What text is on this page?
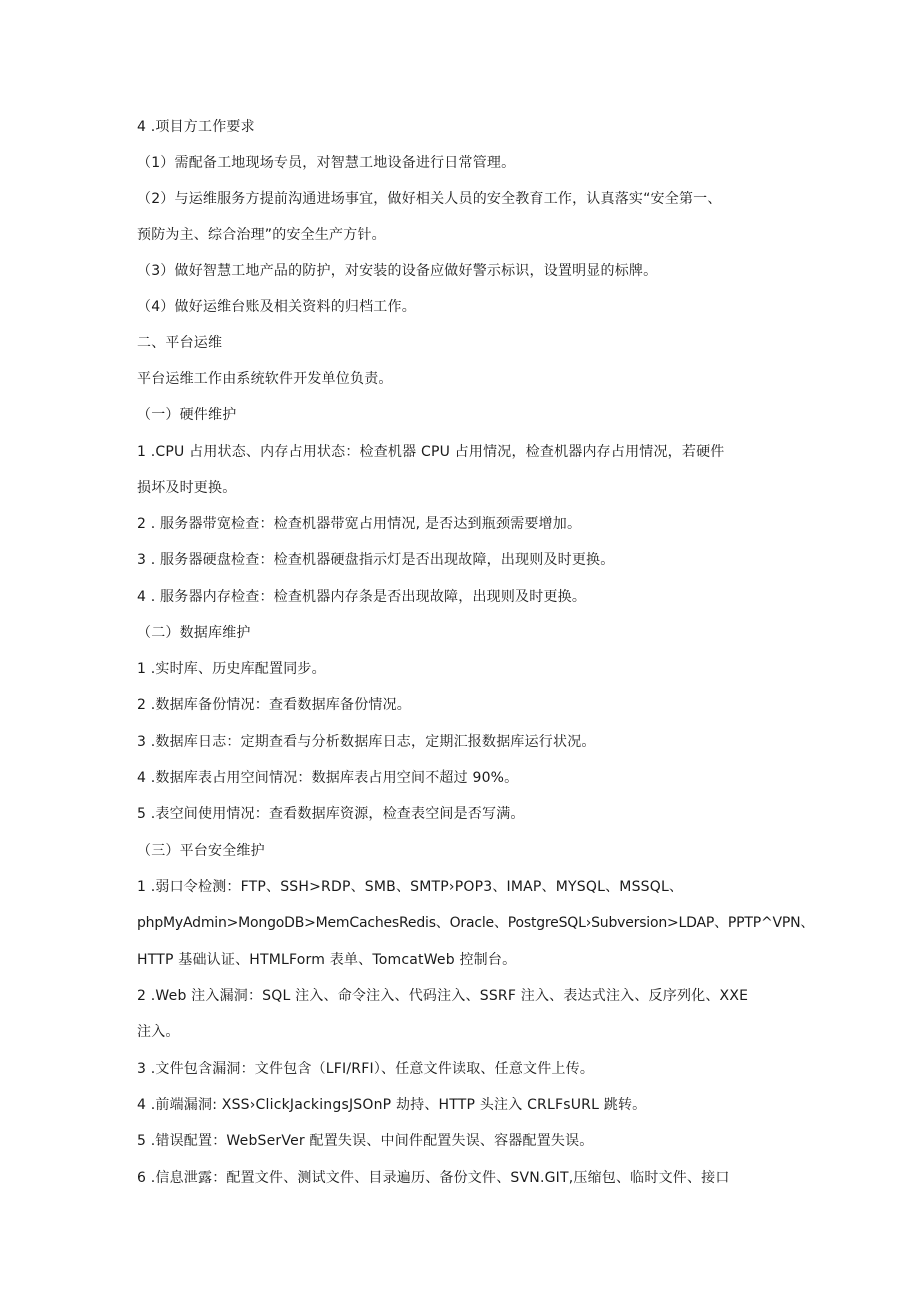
4 .项目方工作要求
（1）需配备工地现场专员，对智慧工地设备进行日常管理。
（2）与运维服务方提前沟通进场事宜，做好相关人员的安全教育工作，认真落实“安全第一、
预防为主、综合治理”的安全生产方针。
（3）做好智慧工地产品的防护，对安装的设备应做好警示标识，设置明显的标牌。
（4）做好运维台账及相关资料的归档工作。
二、平台运维
平台运维工作由系统软件开发单位负责。
（一）硬件维护
1 .CPU 占用状态、内存占用状态：检查机器 CPU 占用情况，检查机器内存占用情况，若硬件
损坏及时更换。
2 . 服务器带宽检查：检查机器带宽占用情况, 是否达到瓶颈需要增加。
3 . 服务器硬盘检查：检查机器硬盘指示灯是否出现故障，出现则及时更换。
4 . 服务器内存检查：检查机器内存条是否出现故障，出现则及时更换。
（二）数据库维护
1 .实时库、历史库配置同步。
2 .数据库备份情况：查看数据库备份情况。
3 .数据库日志：定期查看与分析数据库日志，定期汇报数据库运行状况。
4 .数据库表占用空间情况：数据库表占用空间不超过 90%。
5 .表空间使用情况：查看数据库资源，检查表空间是否写满。
（三）平台安全维护
1 .弱口令检测：FTP、SSH>RDP、SMB、SMTP›POP3、IMAP、MYSQL、MSSQL、
phpMyAdmin>MongoDB>MemCachesRedis、Oracle、PostgreSQL›Subversion>LDAP、PPTP^VPN、
HTTP 基础认证、HTMLForm 表单、TomcatWeb 控制台。
2 .Web 注入漏洞：SQL 注入、命令注入、代码注入、SSRF 注入、表达式注入、反序列化、XXE
注入。
3 .文件包含漏洞：文件包含（LFI/RFI）、任意文件读取、任意文件上传。
4 .前端漏洞: XSS›ClickJackingsJSOnP 劫持、HTTP 头注入 CRLFsURL 跳转。
5 .错误配置：WebSerVer 配置失误、中间件配置失误、容器配置失误。
6 .信息泄露：配置文件、测试文件、目录遍历、备份文件、SVN.GIT,压缩包、临时文件、接口
